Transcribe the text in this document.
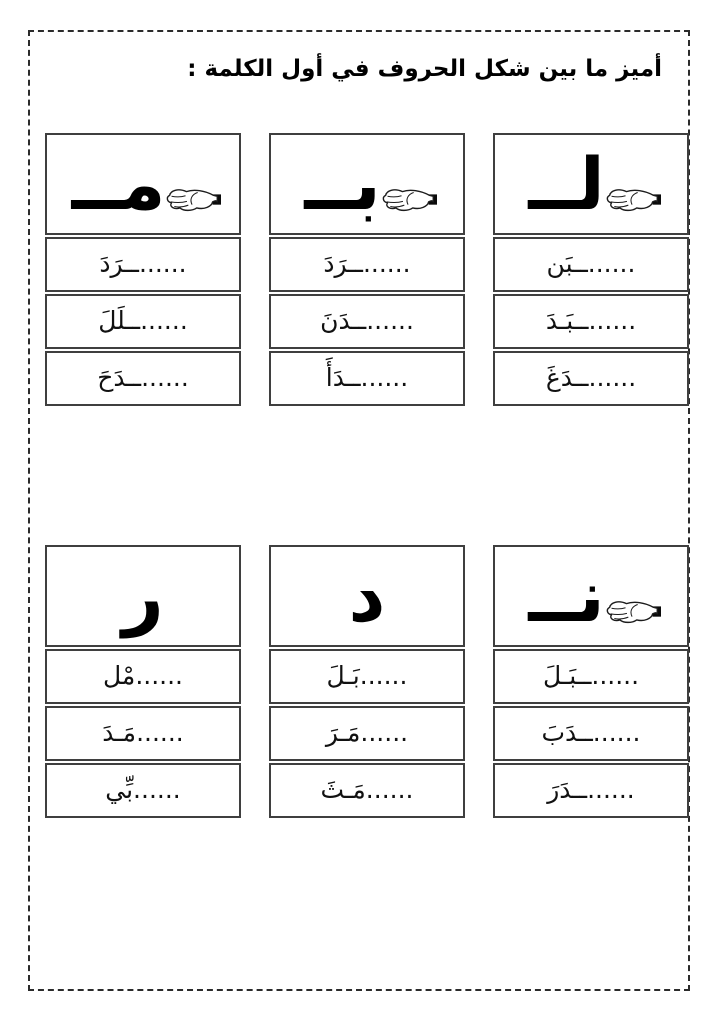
أميز ما بين شكل الحروف في أول الكلمة :
لــ
......ــبَن
......ــبَـدَ
......ــدَغَ
بــ
......ــرَدَ
......ــدَنَ
......ــدَأَ
مــ
......ــرَدَ
......ــلَلَ
......ــدَحَ
نــ
......ــبَـلَ
......ــدَبَ
......ــدَرَ
د
......بَـلَ
......مَـرَ
......مَـثَ
ر
......مْل
......مَـدَ
......بِّي
